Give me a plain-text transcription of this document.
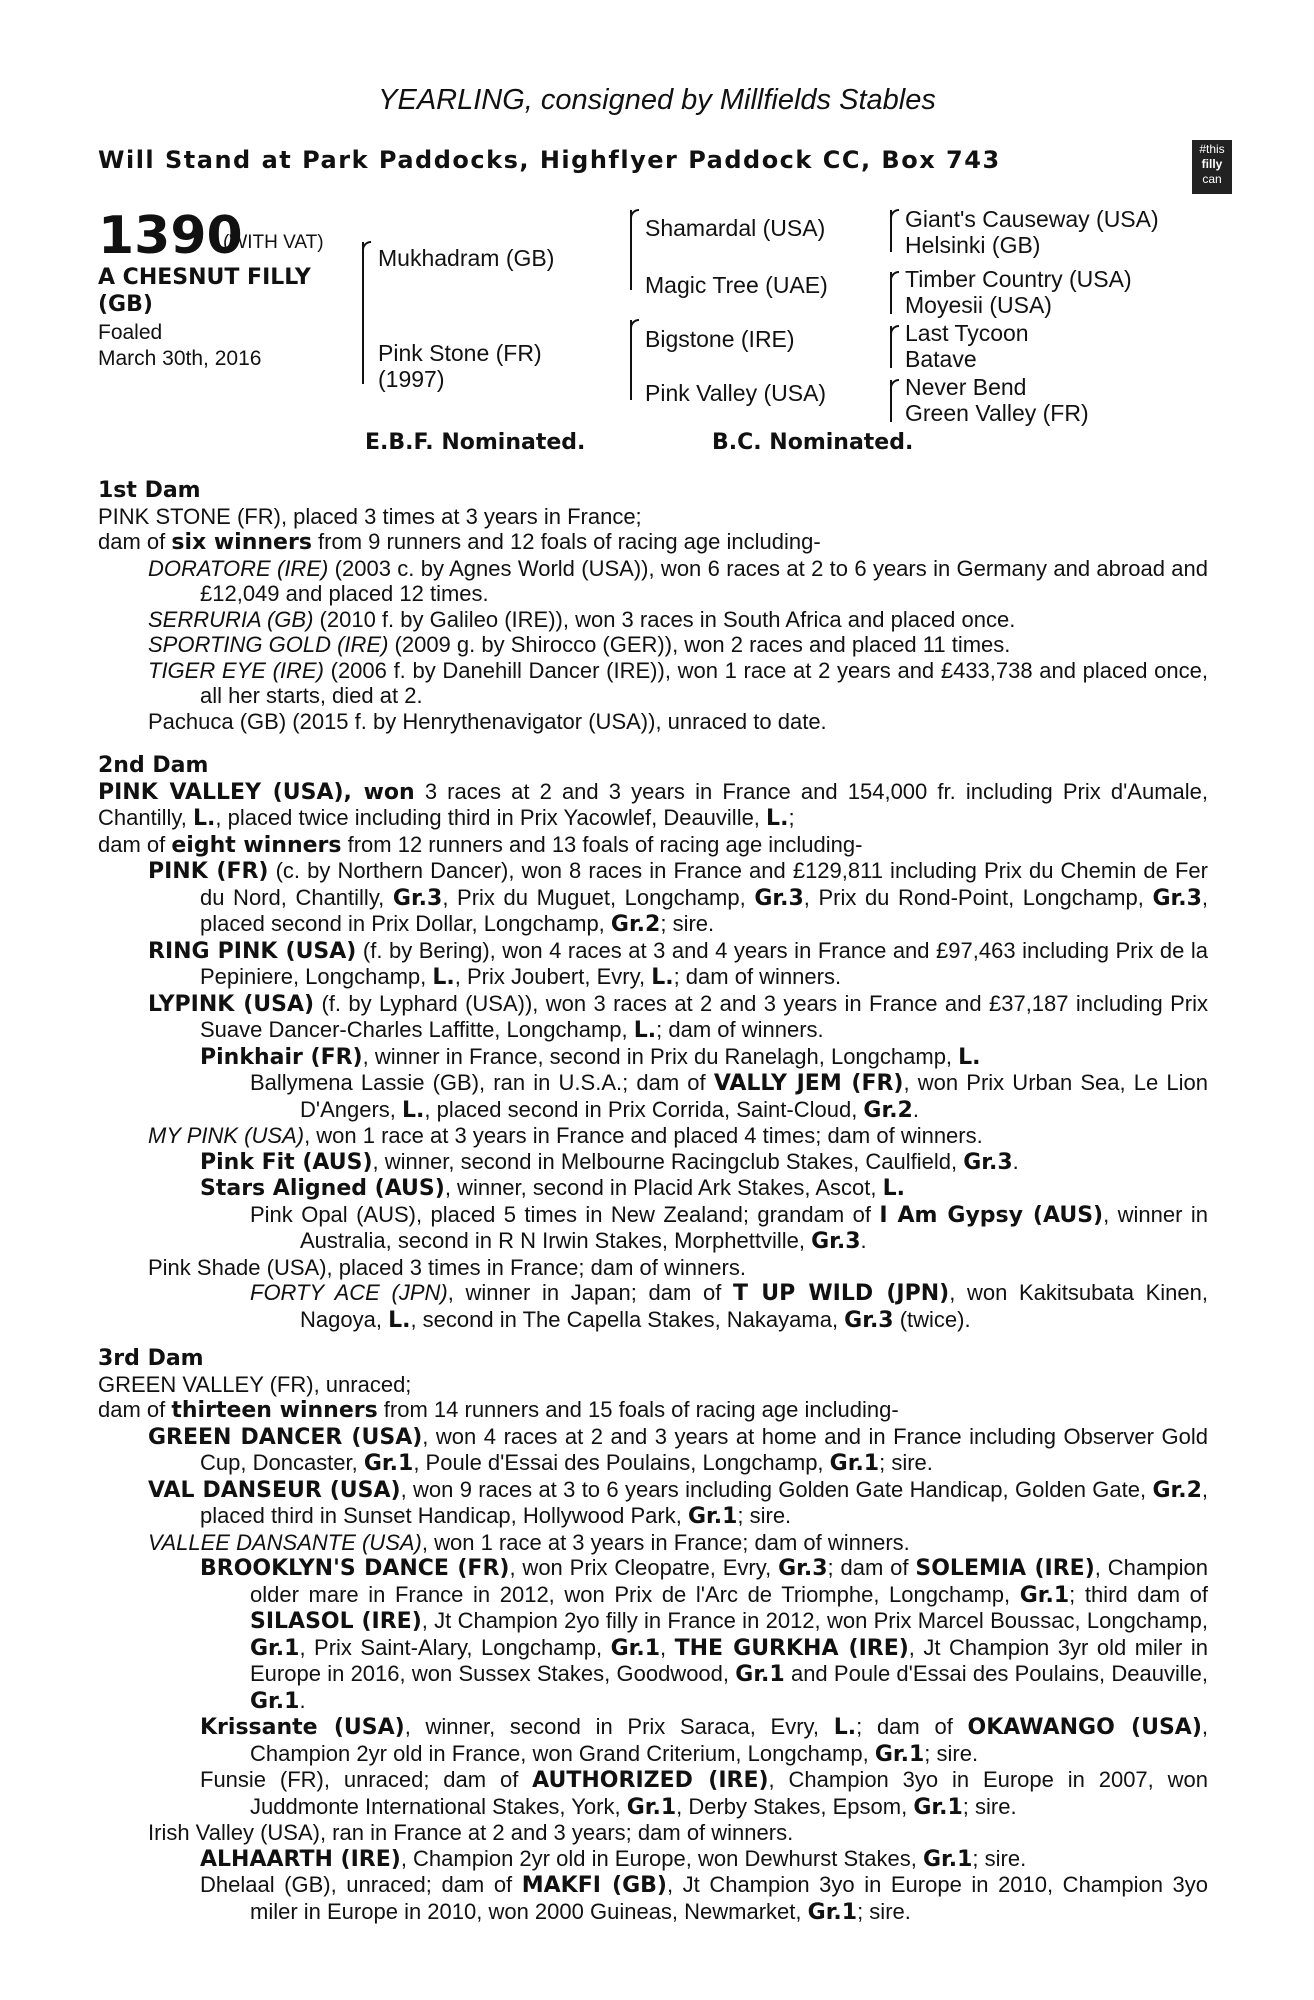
YEARLING, consigned by Millfields Stables
Will Stand at Park Paddocks, Highflyer Paddock CC, Box 743	#this
filly
can
1390
(WITH VAT)
A CHESNUT FILLY
(GB)
Foaled
March 30th, 2016
Mukhadram (GB)
Pink Stone (FR)
(1997)
Shamardal (USA)
Magic Tree (UAE)
Bigstone (IRE)
Pink Valley (USA)
Giant's Causeway (USA)
Helsinki (GB)
Timber Country (USA)
Moyesii (USA)
Last Tycoon
Batave
Never Bend
Green Valley (FR)
E.B.F. Nominated.	B.C. Nominated.
1st Dam

PINK STONE (FR), placed 3 times at 3 years in France;

dam of six winners from 9 runners and 12 foals of racing age including-

DORATORE (IRE) (2003 c. by Agnes World (USA)), won 6 races at 2 to 6 years in Germany and abroad and £12,049 and placed 12 times.

SERRURIA (GB) (2010 f. by Galileo (IRE)), won 3 races in South Africa and placed once.

SPORTING GOLD (IRE) (2009 g. by Shirocco (GER)), won 2 races and placed 11 times.

TIGER EYE (IRE) (2006 f. by Danehill Dancer (IRE)), won 1 race at 2 years and £433,738 and placed once, all her starts, died at 2.

Pachuca (GB) (2015 f. by Henrythenavigator (USA)), unraced to date.

2nd Dam

PINK VALLEY (USA), won 3 races at 2 and 3 years in France and 154,000 fr. including Prix d'Aumale, Chantilly, L., placed twice including third in Prix Yacowlef, Deauville, L.;

dam of eight winners from 12 runners and 13 foals of racing age including-

PINK (FR) (c. by Northern Dancer), won 8 races in France and £129,811 including Prix du Chemin de Fer du Nord, Chantilly, Gr.3, Prix du Muguet, Longchamp, Gr.3, Prix du Rond-Point, Longchamp, Gr.3, placed second in Prix Dollar, Longchamp, Gr.2; sire.

RING PINK (USA) (f. by Bering), won 4 races at 3 and 4 years in France and £97,463 including Prix de la Pepiniere, Longchamp, L., Prix Joubert, Evry, L.; dam of winners.

LYPINK (USA) (f. by Lyphard (USA)), won 3 races at 2 and 3 years in France and £37,187 including Prix Suave Dancer-Charles Laffitte, Longchamp, L.; dam of winners.

Pinkhair (FR), winner in France, second in Prix du Ranelagh, Longchamp, L.

Ballymena Lassie (GB), ran in U.S.A.; dam of VALLY JEM (FR), won Prix Urban Sea, Le Lion D'Angers, L., placed second in Prix Corrida, Saint-Cloud, Gr.2.

MY PINK (USA), won 1 race at 3 years in France and placed 4 times; dam of winners.

Pink Fit (AUS), winner, second in Melbourne Racingclub Stakes, Caulfield, Gr.3.

Stars Aligned (AUS), winner, second in Placid Ark Stakes, Ascot, L.

Pink Opal (AUS), placed 5 times in New Zealand; grandam of I Am Gypsy (AUS), winner in Australia, second in R N Irwin Stakes, Morphettville, Gr.3.

Pink Shade (USA), placed 3 times in France; dam of winners.

FORTY ACE (JPN), winner in Japan; dam of T UP WILD (JPN), won Kakitsubata Kinen, Nagoya, L., second in The Capella Stakes, Nakayama, Gr.3 (twice).

3rd Dam

GREEN VALLEY (FR), unraced;

dam of thirteen winners from 14 runners and 15 foals of racing age including-

GREEN DANCER (USA), won 4 races at 2 and 3 years at home and in France including Observer Gold Cup, Doncaster, Gr.1, Poule d'Essai des Poulains, Longchamp, Gr.1; sire.

VAL DANSEUR (USA), won 9 races at 3 to 6 years including Golden Gate Handicap, Golden Gate, Gr.2, placed third in Sunset Handicap, Hollywood Park, Gr.1; sire.

VALLEE DANSANTE (USA), won 1 race at 3 years in France; dam of winners.

BROOKLYN'S DANCE (FR), won Prix Cleopatre, Evry, Gr.3; dam of SOLEMIA (IRE), Champion older mare in France in 2012, won Prix de l'Arc de Triomphe, Longchamp, Gr.1; third dam of SILASOL (IRE), Jt Champion 2yo filly in France in 2012, won Prix Marcel Boussac, Longchamp, Gr.1, Prix Saint-Alary, Longchamp, Gr.1, THE GURKHA (IRE), Jt Champion 3yr old miler in Europe in 2016, won Sussex Stakes, Goodwood, Gr.1 and Poule d'Essai des Poulains, Deauville, Gr.1.

Krissante (USA), winner, second in Prix Saraca, Evry, L.; dam of OKAWANGO (USA), Champion 2yr old in France, won Grand Criterium, Longchamp, Gr.1; sire.

Funsie (FR), unraced; dam of AUTHORIZED (IRE), Champion 3yo in Europe in 2007, won Juddmonte International Stakes, York, Gr.1, Derby Stakes, Epsom, Gr.1; sire.

Irish Valley (USA), ran in France at 2 and 3 years; dam of winners.

ALHAARTH (IRE), Champion 2yr old in Europe, won Dewhurst Stakes, Gr.1; sire.

Dhelaal (GB), unraced; dam of MAKFI (GB), Jt Champion 3yo in Europe in 2010, Champion 3yo miler in Europe in 2010, won 2000 Guineas, Newmarket, Gr.1; sire.
